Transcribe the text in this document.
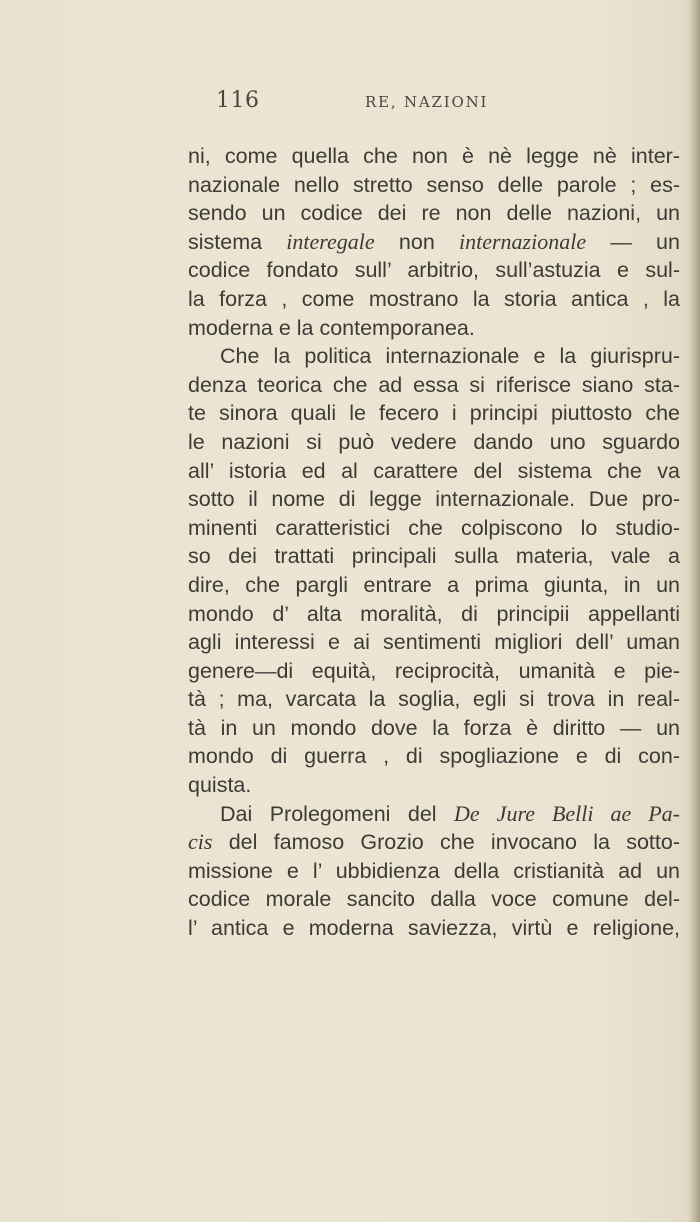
116	RE, NAZIONI
ni, come quella che non è nè legge nè inter-
nazionale nello stretto senso delle parole ; es-
sendo un codice dei re non delle nazioni, un
sistema interegale non internazionale — un
codice fondato sull’ arbitrio, sull’astuzia e sul-
la forza , come mostrano la storia antica , la
moderna e la contemporanea.
Che la politica internazionale e la giurispru-
denza teorica che ad essa si riferisce siano sta-
te sinora quali le fecero i principi piuttosto che
le nazioni si può vedere dando uno sguardo
all’ istoria ed al carattere del sistema che va
sotto il nome di legge internazionale. Due pro-
minenti caratteristici che colpiscono lo studio-
so dei trattati principali sulla materia, vale a
dire, che pargli entrare a prima giunta, in un
mondo d’ alta moralità, di principii appellanti
agli interessi e ai sentimenti migliori dell’ uman
genere—di equità, reciprocità, umanità e pie-
tà ; ma, varcata la soglia, egli si trova in real-
tà in un mondo dove la forza è diritto — un
mondo di guerra , di spogliazione e di con-
quista.
Dai Prolegomeni del De Jure Belli ae Pa-
cis del famoso Grozio che invocano la sotto-
missione e l’ ubbidienza della cristianità ad un
codice morale sancito dalla voce comune del-
l’ antica e moderna saviezza, virtù e religione,
